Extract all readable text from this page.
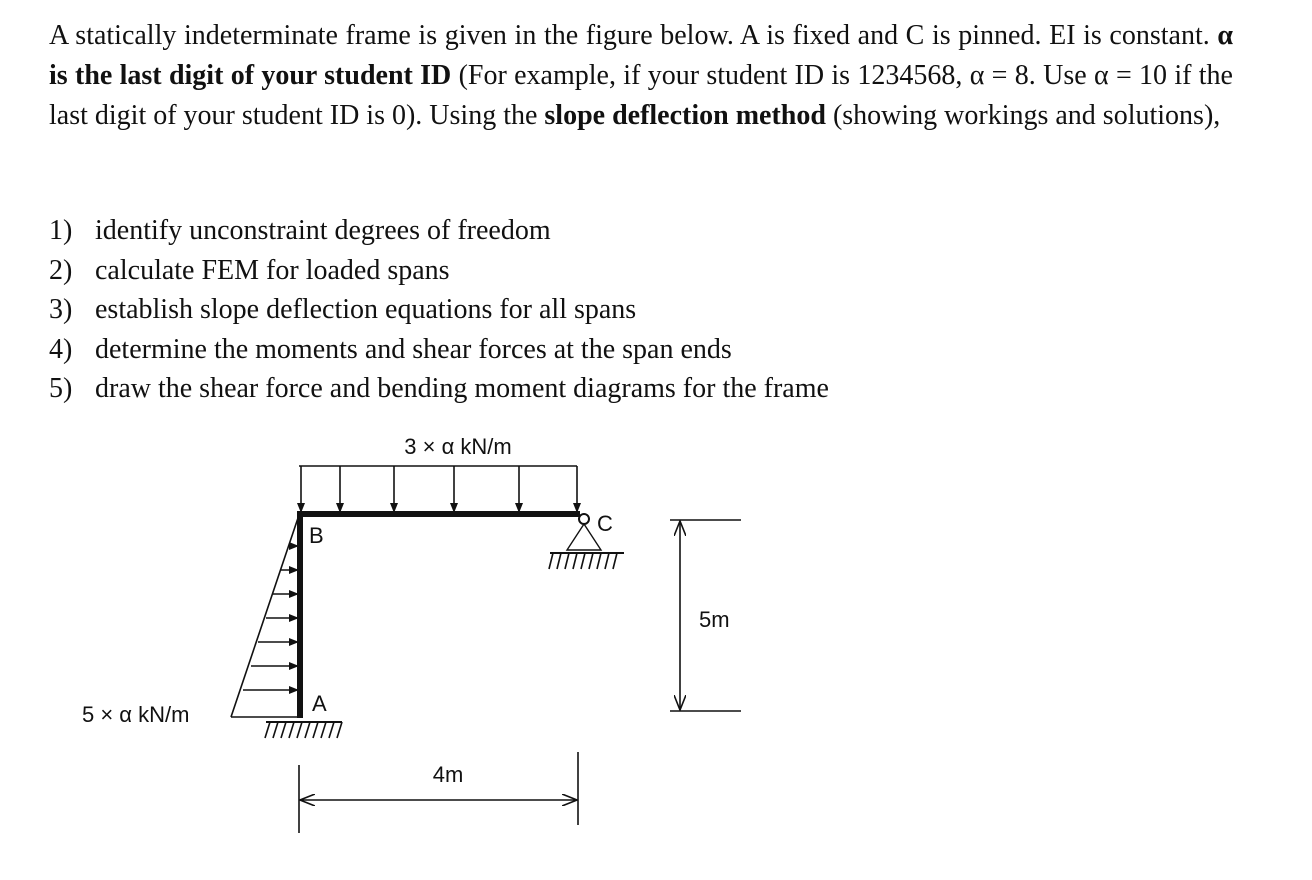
A statically indeterminate frame is given in the figure below. A is fixed and C is pinned. EI is constant. α is the last digit of your student ID (For example, if your student ID is 1234568, α = 8. Use α = 10 if the last digit of your student ID is 0). Using the slope deflection method (showing workings and solutions),

1) identify unconstraint degrees of freedom
2) calculate FEM for loaded spans
3) establish slope deflection equations for all spans
4) determine the moments and shear forces at the span ends
5) draw the shear force and bending moment diagrams for the frame
3 × α kN/m
5 × α kN/m
B
A
C
5m
4m
